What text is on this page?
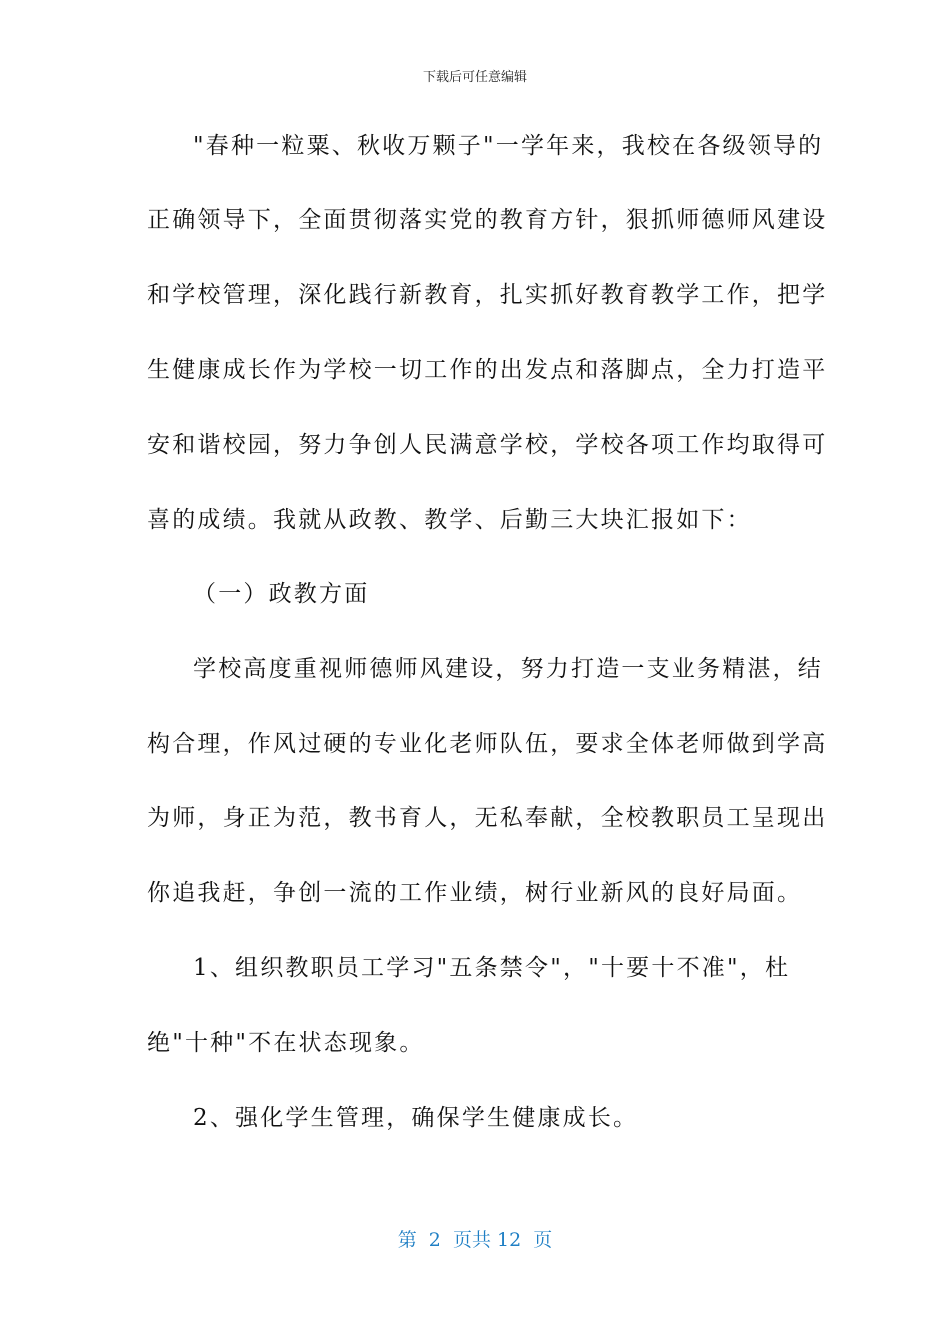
下载后可任意编辑
"春种一粒粟、秋收万颗子"一学年来，我校在各级领导的
正确领导下，全面贯彻落实党的教育方针，狠抓师德师风建设
和学校管理，深化践行新教育，扎实抓好教育教学工作，把学
生健康成长作为学校一切工作的出发点和落脚点，全力打造平
安和谐校园，努力争创人民满意学校，学校各项工作均取得可
喜的成绩。我就从政教、教学、后勤三大块汇报如下：
（一）政教方面
学校高度重视师德师风建设，努力打造一支业务精湛，结
构合理，作风过硬的专业化老师队伍，要求全体老师做到学高
为师，身正为范，教书育人，无私奉献，全校教职员工呈现出
你追我赶，争创一流的工作业绩，树行业新风的良好局面。
1、组织教职员工学习"五条禁令"，"十要十不准"，杜
绝"十种"不在状态现象。
2、强化学生管理，确保学生健康成长。
第  2  页共 12  页
